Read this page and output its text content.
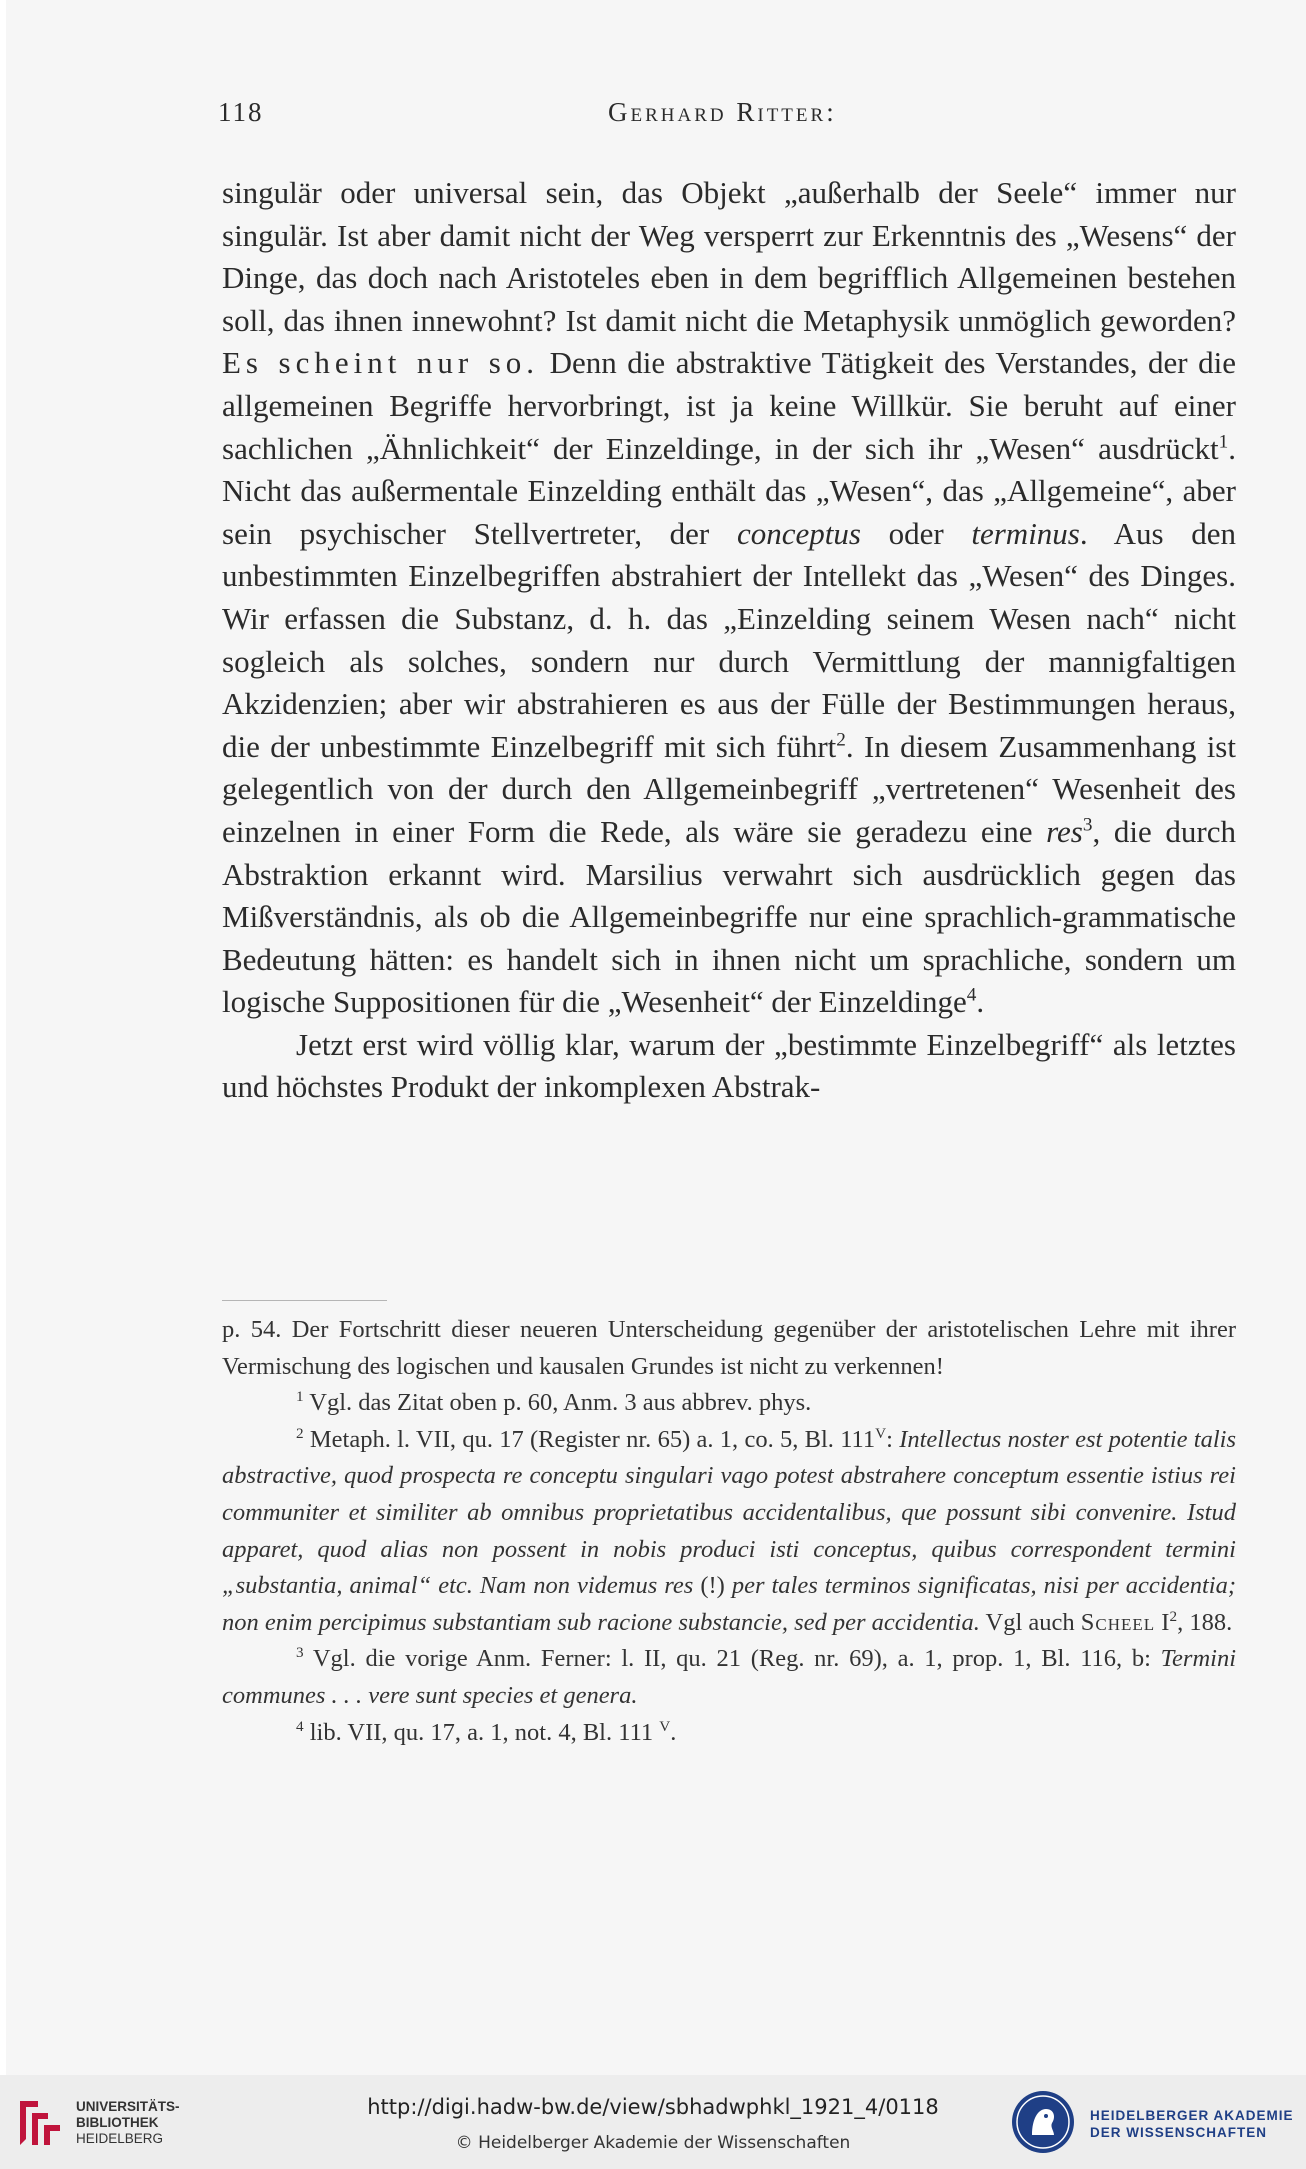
118	Gerhard Ritter:

singulär oder universal sein, das Objekt „außerhalb der Seele“ immer nur singulär. Ist aber damit nicht der Weg versperrt zur Erkenntnis des „Wesens“ der Dinge, das doch nach Aristoteles eben in dem begrifflich Allgemeinen bestehen soll, das ihnen innewohnt? Ist damit nicht die Metaphysik unmöglich geworden? Es scheint nur so. Denn die abstraktive Tätigkeit des Verstandes, der die allgemeinen Begriffe hervorbringt, ist ja keine Willkür. Sie beruht auf einer sachlichen „Ähnlichkeit“ der Einzeldinge, in der sich ihr „Wesen“ ausdrückt$^1$. Nicht das außermentale Einzelding enthält das „Wesen“, das „Allgemeine“, aber sein psychischer Stellvertreter, der conceptus oder terminus. Aus den unbestimmten Einzelbegriffen abstrahiert der Intellekt das „Wesen“ des Dinges. Wir erfassen die Substanz, d. h. das „Einzelding seinem Wesen nach“ nicht sogleich als solches, sondern nur durch Vermittlung der mannigfaltigen Akzidenzien; aber wir abstrahieren es aus der Fülle der Bestimmungen heraus, die der unbestimmte Einzelbegriff mit sich führt$^2$. In diesem Zusammenhang ist gelegentlich von der durch den Allgemeinbegriff „vertretenen“ Wesenheit des einzelnen in einer Form die Rede, als wäre sie geradezu eine res$^3$, die durch Abstraktion erkannt wird. Marsilius verwahrt sich ausdrücklich gegen das Mißverständnis, als ob die Allgemeinbegriffe nur eine sprachlich-grammatische Bedeutung hätten: es handelt sich in ihnen nicht um sprachliche, sondern um logische Suppositionen für die „Wesenheit“ der Einzeldinge$^4$.

Jetzt erst wird völlig klar, warum der „bestimmte Einzelbegriff“ als letztes und höchstes Produkt der inkomplexen Abstrak-

p. 54. Der Fortschritt dieser neueren Unterscheidung gegenüber der aristotelischen Lehre mit ihrer Vermischung des logischen und kausalen Grundes ist nicht zu verkennen!

$^1$ Vgl. das Zitat oben p. 60, Anm. 3 aus abbrev. phys.

$^2$ Metaph. l. VII, qu. 17 (Register nr. 65) a. 1, co. 5, Bl. $111^V$: Intellectus noster est potentie talis abstractive, quod prospecta re conceptu singulari vago potest abstrahere conceptum essentie istius rei communiter et similiter ab omnibus proprietatibus accidentalibus, que possunt sibi convenire. Istud apparet, quod alias non possent in nobis produci isti conceptus, quibus correspondent termini „substantia, animal“ etc. Nam non videmus res (!) per tales terminos significatas, nisi per accidentia; non enim percipimus substantiam sub racione substancie, sed per accidentia. Vgl auch Scheel $I^2$, 188.

$^3$ Vgl. die vorige Anm. Ferner: l. II, qu. 21 (Reg. nr. 69), a. 1, prop. 1, Bl. 116, b: Termini communes . . . vere sunt species et genera.

$^4$ lib. VII, qu. 17, a. 1, not. 4, Bl. 111 $^V$.

UNIVERSITÄTS-
BIBLIOTHEK
HEIDELBERG
http://digi.hadw-bw.de/view/sbhadwphkl_1921_4/0118
© Heidelberger Akademie der Wissenschaften
HEIDELBERGER AKADEMIE
DER WISSENSCHAFTEN
